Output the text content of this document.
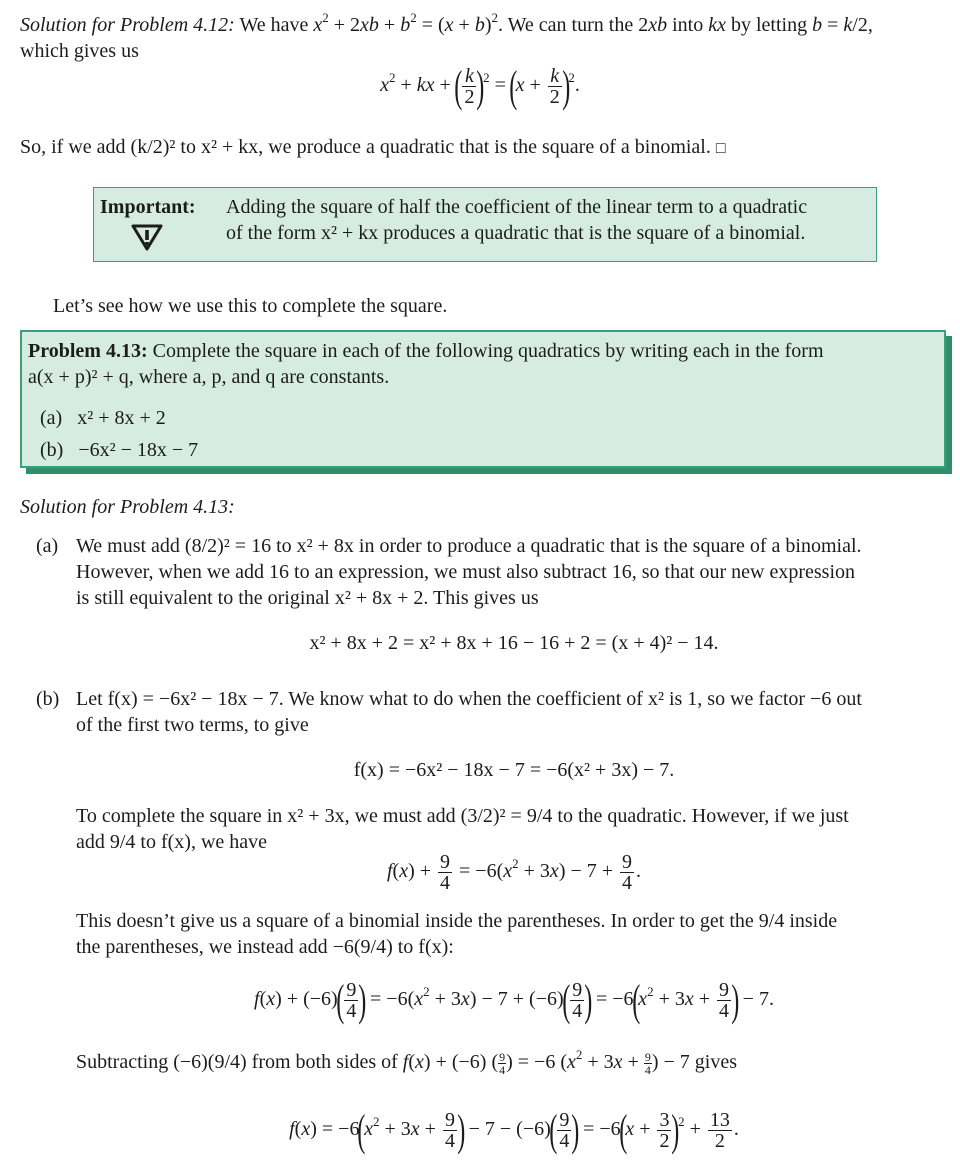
Solution for Problem 4.12: We have $x^2 + 2xb + b^2 = (x + b)^2$. We can turn the 2xb into kx by letting b = k/2,
which gives us
$x^2$ + kx + ( $\frac{k}{2} )^2 = (x + \frac{k}{2} )^2$.
So, if we add (k/2)² to x² + kx, we produce a quadratic that is the square of a binomial. □
Important: Adding the square of half the coefficient of the linear term to a quadratic
of the form x² + kx produces a quadratic that is the square of a binomial.
Let’s see how we use this to complete the square.
Problem 4.13: Complete the square in each of the following quadratics by writing each in the form
a(x + p)² + q, where a, p, and q are constants.
(a) x² + 8x + 2
(b) −6x² − 18x − 7
Solution for Problem 4.13:
(a) We must add (8/2)² = 16 to x² + 8x in order to produce a quadratic that is the square of a binomial.
However, when we add 16 to an expression, we must also subtract 16, so that our new expression
is still equivalent to the original x² + 8x + 2. This gives us
x² + 8x + 2 = x² + 8x + 16 − 16 + 2 = (x + 4)² − 14.
(b) Let f(x) = −6x² − 18x − 7. We know what to do when the coefficient of x² is 1, so we factor −6 out
of the first two terms, to give
f(x) = −6x² − 18x − 7 = −6(x² + 3x) − 7.
To complete the square in x² + 3x, we must add (3/2)² = 9/4 to the quadratic. However, if we just
add 9/4 to f(x), we have
$f(x) + \frac{9}{4} = -6(x^2 + 3x) - 7 + \frac{9}{4}$ .
This doesn’t give us a square of a binomial inside the parentheses. In order to get the 9/4 inside
the parentheses, we instead add −6(9/4) to f(x):
$f(x) + (-6)( \frac{9}{4}$ ) = $-6(x^2 + 3x) - 7 + (-6)( \frac{9}{4}$ ) = $-6(x^2 + 3x + \frac{9}{4}$ ) − 7.
Subtracting (−6)(9/4) from both sides of f(x) + (−6) ( $\frac{9}{4}$ ) = −6 ($x^2 + 3x + \frac{9}{4}$ ) − 7 gives
$f(x) = -6(x^2 + 3x + \frac{9}{4}$ ) − $7 - (-6)( \frac{9}{4}$ ) = $-6(x + \frac{3}{2} )^2 + \frac{13}{2}$ .
